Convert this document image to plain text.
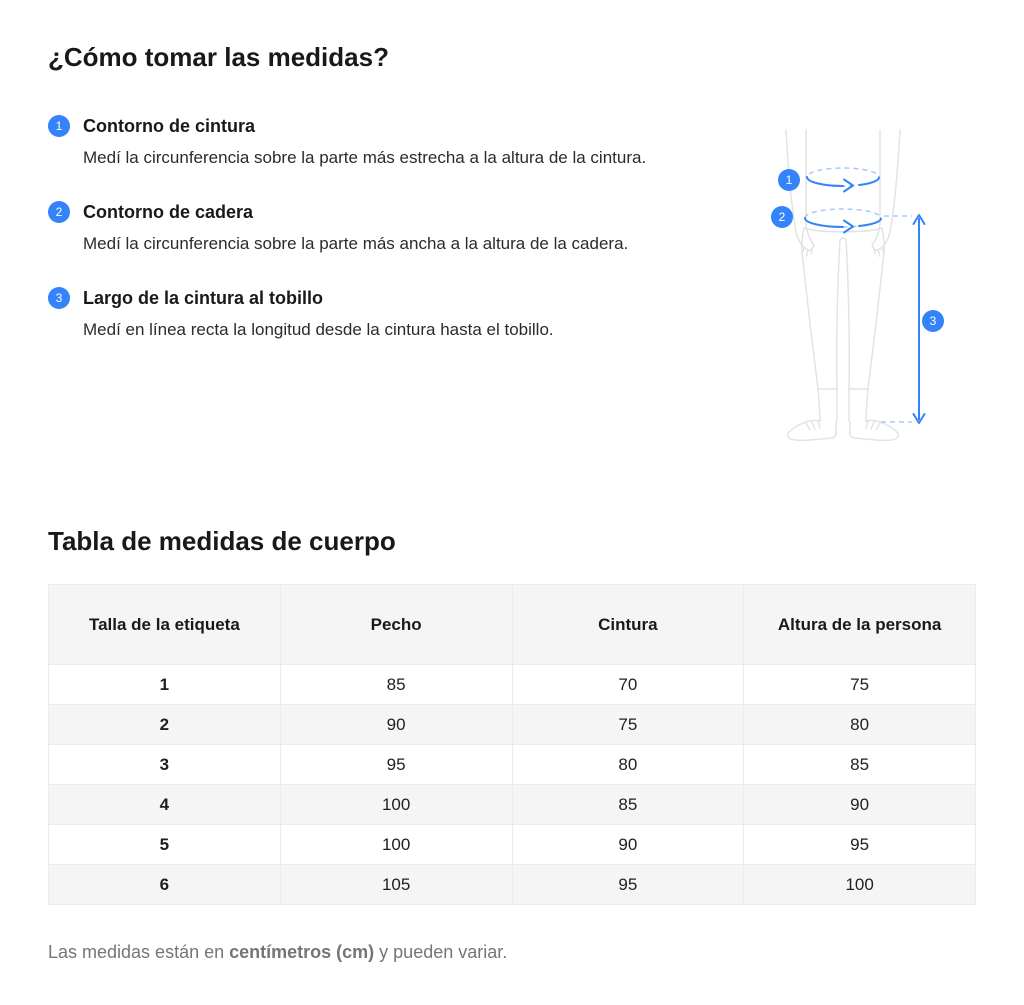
¿Cómo tomar las medidas?
1	Contorno de cintura
Medí la circunferencia sobre la parte más estrecha a la altura de la cintura.
2	Contorno de cadera
Medí la circunferencia sobre la parte más ancha a la altura de la cadera.
3	Largo de la cintura al tobillo
Medí en línea recta la longitud desde la cintura hasta el tobillo.
1
2
3
Tabla de medidas de cuerpo
Talla de la etiqueta	Pecho	Cintura	Altura de la persona
1	85	70	75
2	90	75	80
3	95	80	85
4	100	85	90
5	100	90	95
6	105	95	100

Las medidas están en centímetros (cm) y pueden variar.
